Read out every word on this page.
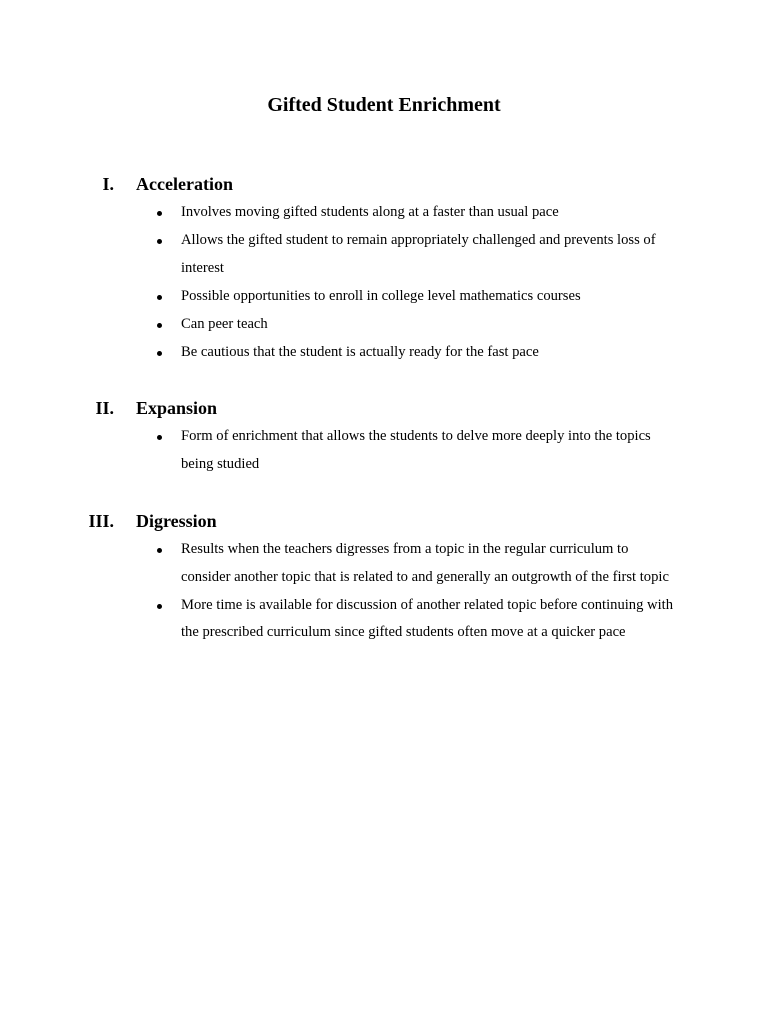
Gifted Student Enrichment
I. Acceleration
Involves moving gifted students along at a faster than usual pace
Allows the gifted student to remain appropriately challenged and prevents loss of interest
Possible opportunities to enroll in college level mathematics courses
Can peer teach
Be cautious that the student is actually ready for the fast pace
II. Expansion
Form of enrichment that allows the students to delve more deeply into the topics being studied
III. Digression
Results when the teachers digresses from a topic in the regular curriculum to consider another topic that is related to and generally an outgrowth of the first topic
More time is available for discussion of another related topic before continuing with the prescribed curriculum since gifted students often move at a quicker pace
